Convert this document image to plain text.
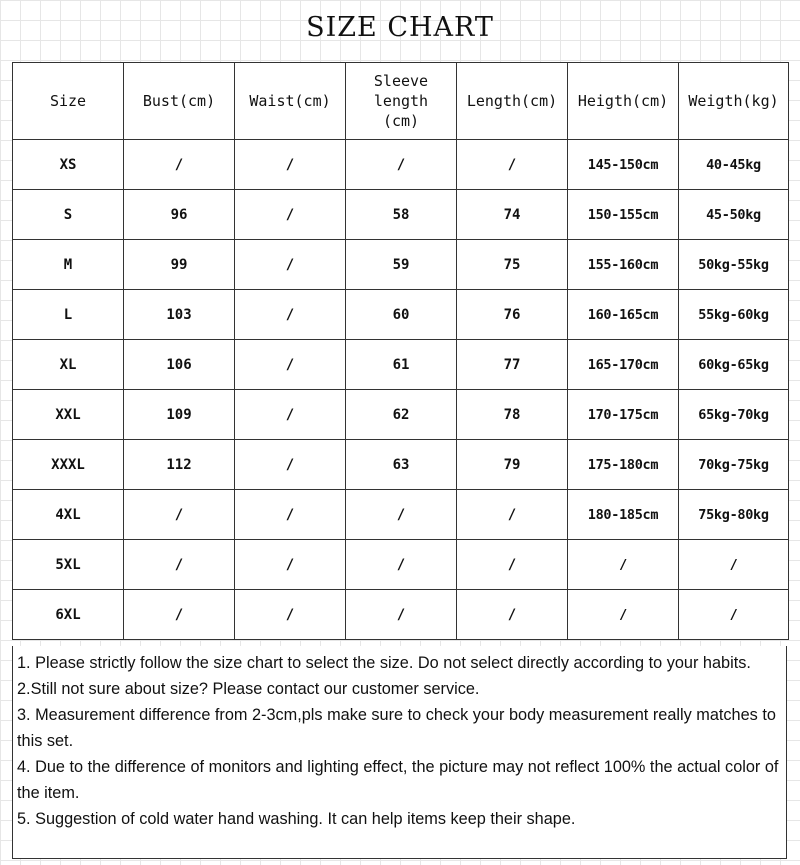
SIZE CHART
Size	Bust(cm)	Waist(cm)	Sleeve length (cm)	Length(cm)	Heigth(cm)	Weigth(kg)
XS	/	/	/	/	145-150cm	40-45kg
S	96	/	58	74	150-155cm	45-50kg
M	99	/	59	75	155-160cm	50kg-55kg
L	103	/	60	76	160-165cm	55kg-60kg
XL	106	/	61	77	165-170cm	60kg-65kg
XXL	109	/	62	78	170-175cm	65kg-70kg
XXXL	112	/	63	79	175-180cm	70kg-75kg
4XL	/	/	/	/	180-185cm	75kg-80kg
5XL	/	/	/	/	/	/
6XL	/	/	/	/	/	/

1. Please strictly follow the size chart to select the size. Do not select directly according to your habits.

2.Still not sure about size? Please contact our customer service.

3. Measurement difference from 2-3cm,pls make sure to check your body measurement really matches to this set.

4. Due to the difference of monitors and lighting effect, the picture may not reflect 100% the actual color of the item.

5. Suggestion of cold water hand washing. It can help items keep their shape.
